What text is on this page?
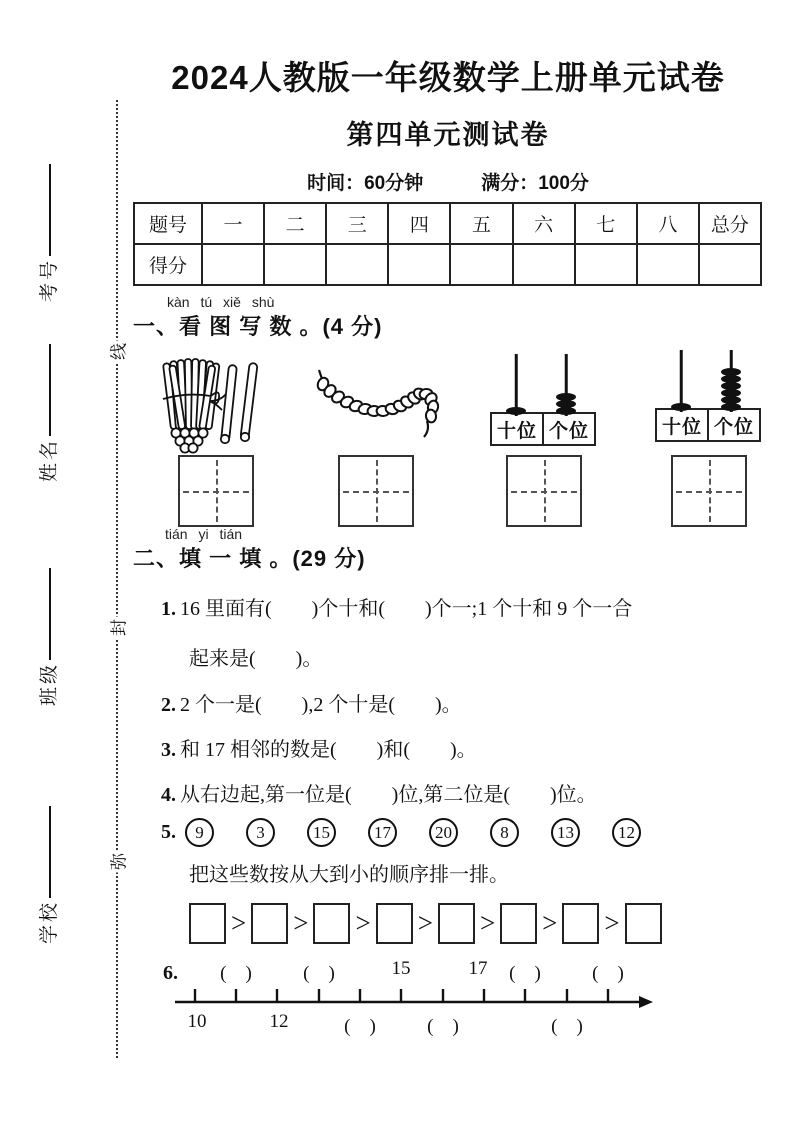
考号
姓名
班级
学校
线
封
弥
2024人教版一年级数学上册单元试卷
第四单元测试卷
时间：60分钟	满分：100分
题号	一	二	三	四	五	六	七	八	总分
得分									
kàn tú xiě shù
一、看 图 写 数 。(4 分)
十位 个位	十位 个位
tián yi tián
二、填 一 填 。(29 分)
1. 16 里面有(　　)个十和(　　)个一;1 个十和 9 个一合
起来是(　　)。
2. 2 个一是(　　),2 个十是(　　)。
3. 和 17 相邻的数是(　　)和(　　)。
4. 从右边起,第一位是(　　)位,第二位是(　　)位。
5. 9	3	15	17	20	8	13	12
把这些数按从大到小的顺序排一排。
> > > > > > >
6. (　)	(　)	15	17 (　)	(　)
10	12	(　)	(　)	(　)
